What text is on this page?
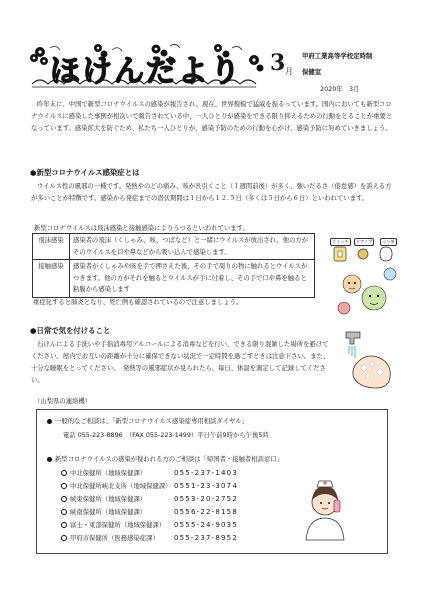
ほけんだより 3 月
甲府工業高等学校定時制
保健室
2020年　3月

昨年末に、中国で新型コロナウイルスの感染が報告され、現在、世界規模で猛威を振るっています。国内においても新型コロナウイルスに感染した事例が相次いで報告されている中、一人ひとりが感染をできる限り抑えるための行動をとることが重要となっています。感染拡大を防ぐため、私たち一人ひとりが、感染予防のための行動を心がけ、感染予防に努めていきましょう。

●新型コロナウイルス感染症とは

ウイルス性の風邪の一種です。発熱やのどの痛み、咳が長引くこと（１週間前後）が多く、強いだるさ（倦怠感）を訴える方が多いことが特徴です。感染から発症までの潜伏期間は１日から１２.５日（多くは５日から６日）といわれています。

新型コロナウイルスは飛沫感染と接触感染によりうつるといわれています。
飛沫感染	感染者の飛沫（くしゃみ、咳、つばなど）と一緒にウイルスが放出され、他の方がそのウイルスを口や鼻などから吸い込んで感染します。
接触感染	感染者がくしゃみや咳を手で押さえた後、その手で周りの物に触れるとウイルスがつきます。他の方がそれを触るとウイルスが手に付着し、その手で口や鼻を触ると粘膜から感染します
重症化すると肺炎となり、死亡例も確認されているので注意しましょう。
スイッチ	ドアノブ	つり革
●日常で気を付けること

石けんによる手洗いや手指消毒用アルコールによる消毒などを行い、できる限り混雑した場所を避けてください。屋内でお互いの距離が十分に確保できない状況で一定時間を過ごすときは注意下さい。また、十分な睡眠をとってください。　発熱等の風邪症状が見られたら、毎日、体温を測定して記録してください。

（山梨県の連絡機）
一般的なご相談は、「新型コロナウイルス感染症専用相談ダイヤル」
電話 055-223-8896　（FAX 055-223-1499）平日午前9時から午後5時
新型コロナウイルスの感染が疑われる方のご相談は「帰国者・接触者相談窓口」
中北保健所（地域保健課）	055-237-1403
中北保健所峡北支所（地域保健課） 0551-23-3074
峡東保健所（地域保健課）	0553-20-2752
峡南保健所（地域保健課）	0556-22-8158
富士・東部保健所（地域保健課） 0555-24-9035
甲府市保健所（医務感染症課） 055-237-8952
